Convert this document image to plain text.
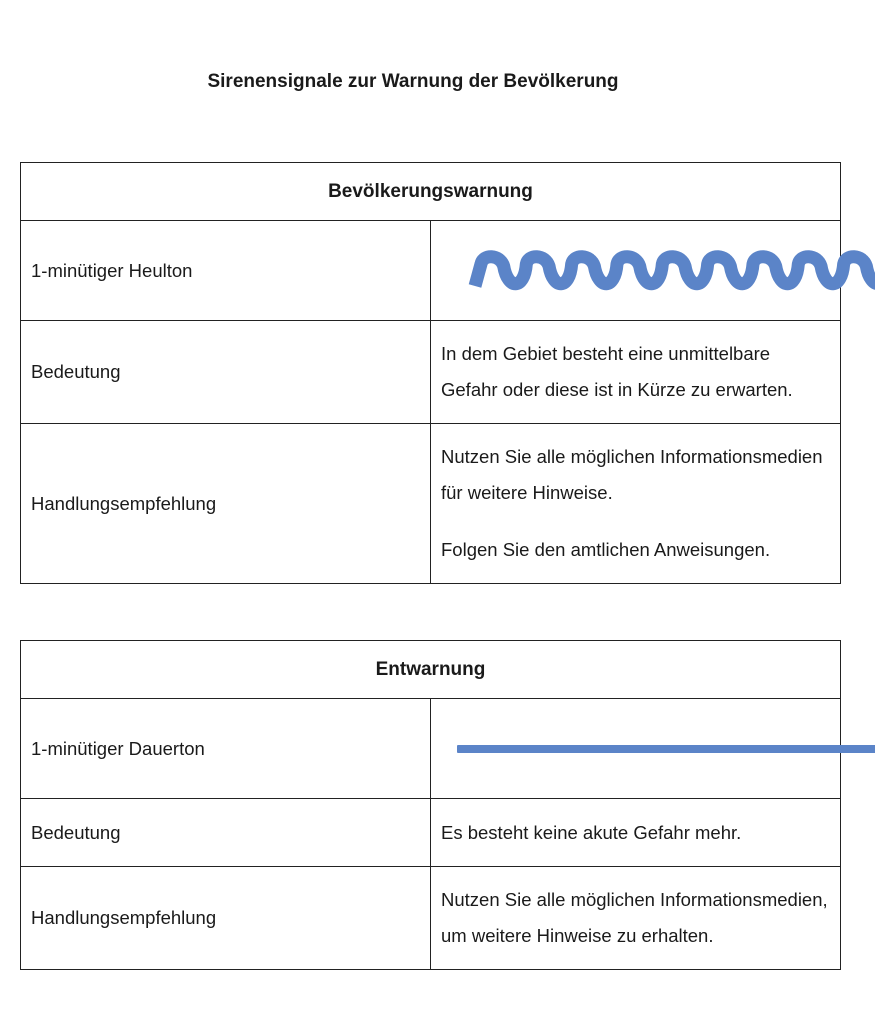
Sirenensignale zur Warnung der Bevölkerung
Bevölkerungswarnung	
1-minütiger Heulton	

Bedeutung	In dem Gebiet besteht eine unmittelbare Gefahr oder diese ist in Kürze zu erwarten.

Handlungsempfehlung	Nutzen Sie alle möglichen Informationsmedien für weitere Hinweise.

Folgen Sie den amtlichen Anweisungen.

Entwarnung	
1-minütiger Dauerton	

Bedeutung	Es besteht keine akute Gefahr mehr.

Handlungsempfehlung	Nutzen Sie alle möglichen Informationsmedien, um weitere Hinweise zu erhalten.
